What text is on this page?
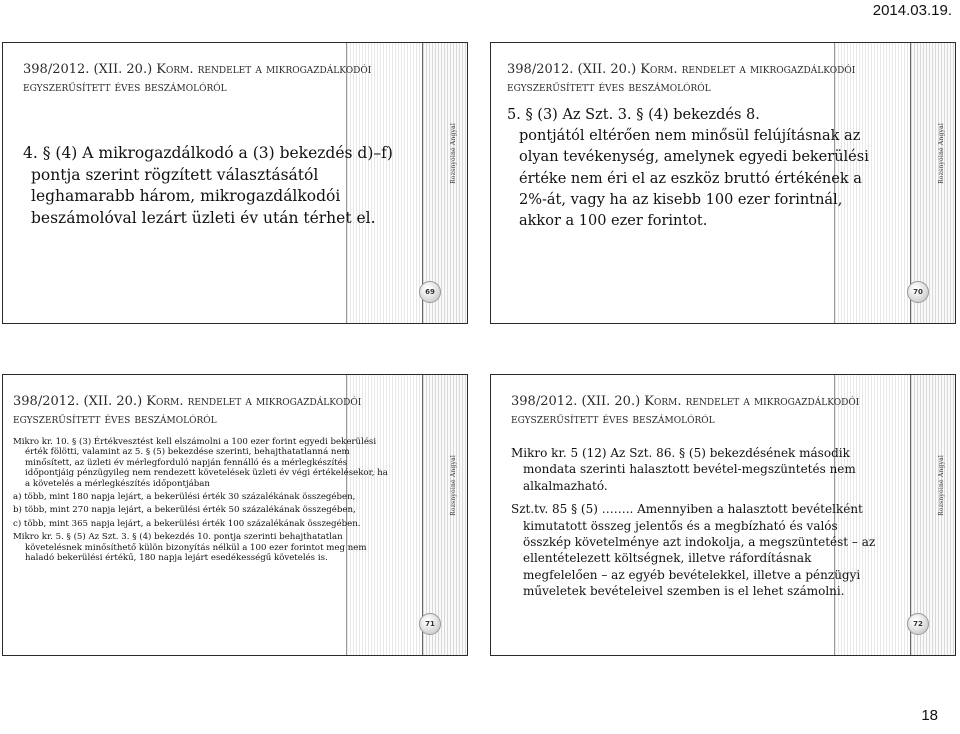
2014.03.19.
Rozsnyóiné Angyal
69

398/2012. (XII. 20.) Korm. rendelet a mikrogazdálkodói egyszerűsített éves beszámolóról

4. § (4) A mikrogazdálkodó a (3) bekezdés d)–f) pontja szerint rögzített választásától leghamarabb három, mikrogazdálkodói beszámolóval lezárt üzleti év után térhet el.

Rozsnyóiné Angyal
70

398/2012. (XII. 20.) Korm. rendelet a mikrogazdálkodói egyszerűsített éves beszámolóról

5. § (3) Az Szt. 3. § (4) bekezdés 8.
pontjától eltérően nem minősül felújításnak az olyan tevékenység, amelynek egyedi bekerülési értéke nem éri el az eszköz bruttó értékének a 2%-át, vagy ha az kisebb 100 ezer forintnál, akkor a 100 ezer forintot.
Rozsnyóiné Angyal
71

398/2012. (XII. 20.) Korm. rendelet a mikrogazdálkodói egyszerűsített éves beszámolóról

Mikro kr. 10. § (3) Értékvesztést kell elszámolni a 100 ezer forint egyedi bekerülési érték fölötti, valamint az 5. § (5) bekezdése szerinti, behajthatatlanná nem minősített, az üzleti év mérlegforduló napján fennálló és a mérlegkészítés időpontjáig pénzügyileg nem rendezett követelések üzleti év végi értékelésekor, ha a követelés a mérlegkészítés időpontjában

a) több, mint 180 napja lejárt, a bekerülési érték 30 százalékának összegében,

b) több, mint 270 napja lejárt, a bekerülési érték 50 százalékának összegében,

c) több, mint 365 napja lejárt, a bekerülési érték 100 százalékának összegében.

Mikro kr. 5. § (5) Az Szt. 3. § (4) bekezdés 10. pontja szerinti behajthatatlan követelésnek minősíthető külön bizonyítás nélkül a 100 ezer forintot meg nem haladó bekerülési értékű, 180 napja lejárt esedékességű követelés is.

Rozsnyóiné Angyal
72

398/2012. (XII. 20.) Korm. rendelet a mikrogazdálkodói egyszerűsített éves beszámolóról

Mikro kr. 5 (12) Az Szt. 86. § (5) bekezdésének második mondata szerinti halasztott bevétel-megszüntetés nem alkalmazható.

Szt.tv. 85 § (5) …….. Amennyiben a halasztott bevételként kimutatott összeg jelentős és a megbízható és valós összkép követelménye azt indokolja, a megszüntetést – az ellentételezett költségnek, illetve ráfordításnak megfelelően – az egyéb bevételekkel, illetve a pénzügyi műveletek bevételeivel szemben is el lehet számolni.

18
